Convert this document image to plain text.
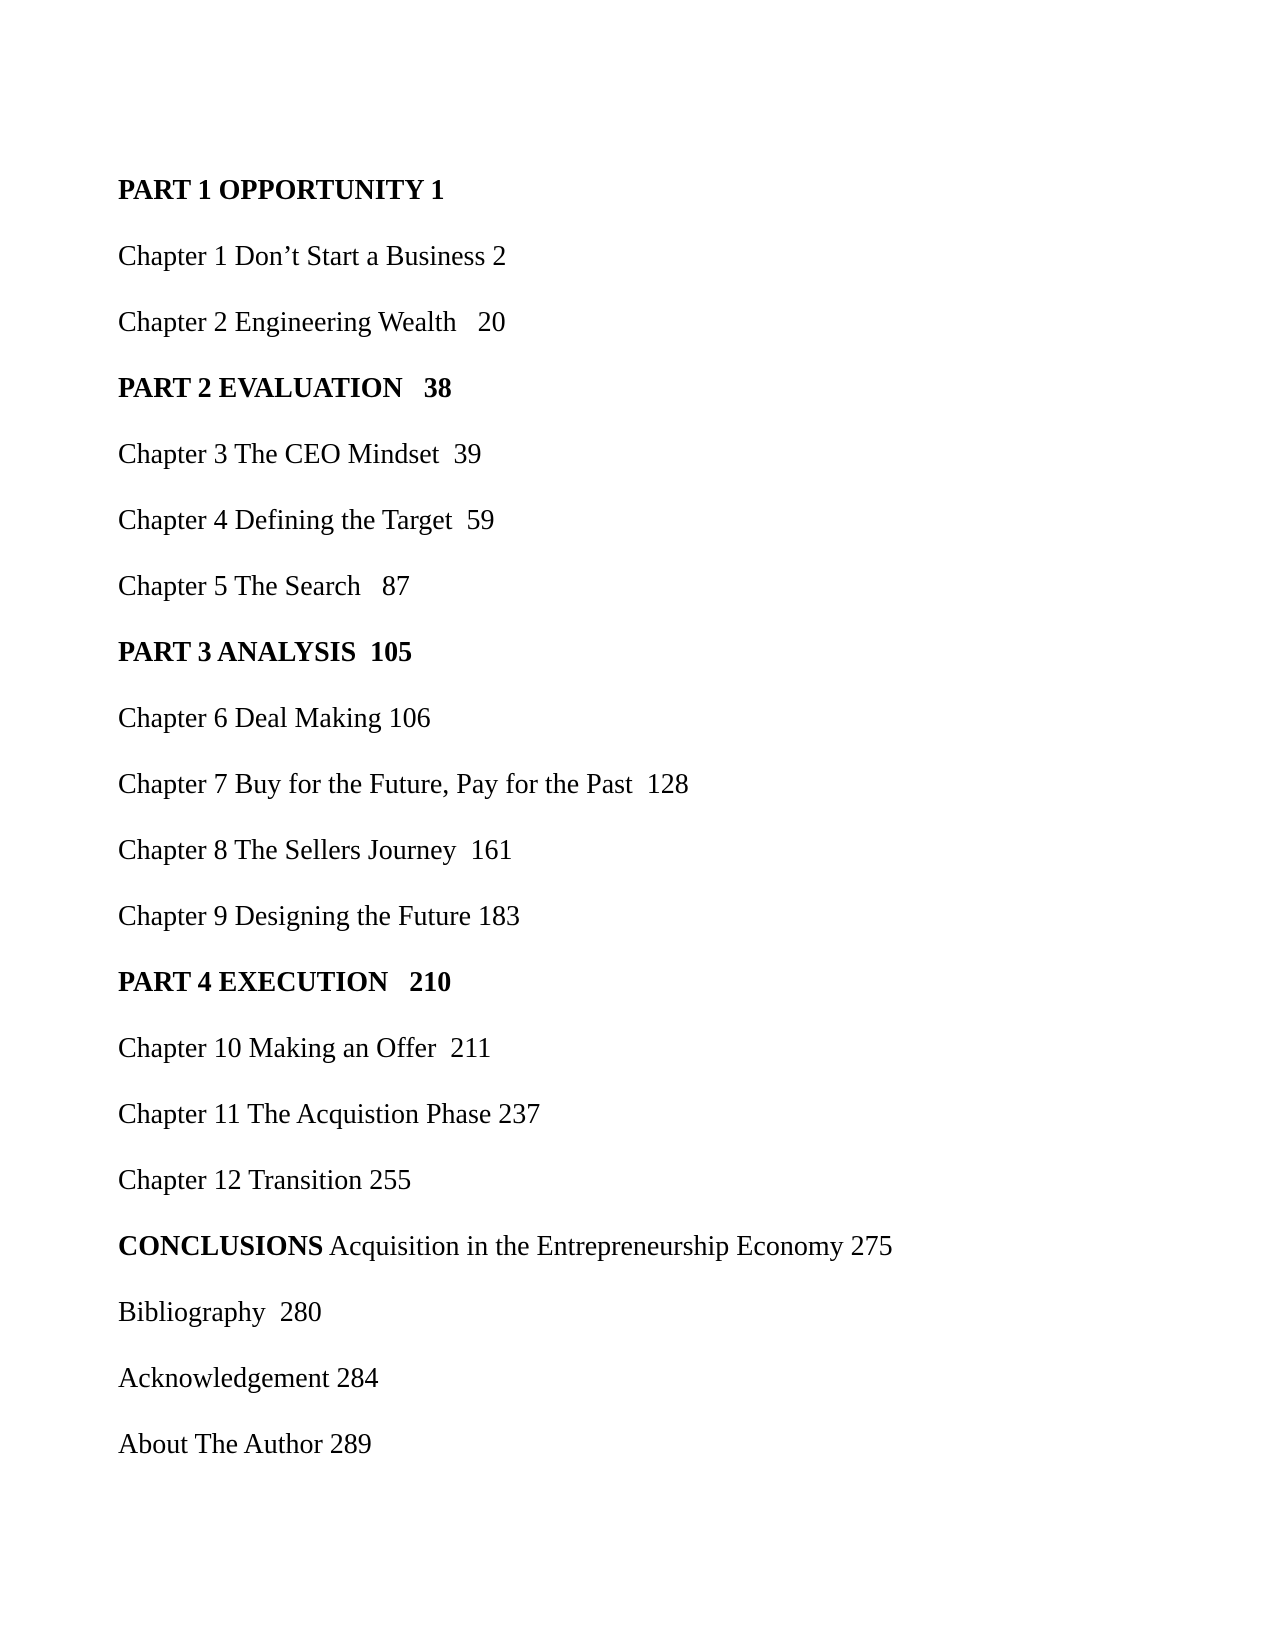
PART 1 OPPORTUNITY 1

Chapter 1 Don’t Start a Business 2

Chapter 2 Engineering Wealth   20

PART 2 EVALUATION   38

Chapter 3 The CEO Mindset  39

Chapter 4 Defining the Target  59

Chapter 5 The Search   87

PART 3 ANALYSIS  105

Chapter 6 Deal Making 106

Chapter 7 Buy for the Future, Pay for the Past  128

Chapter 8 The Sellers Journey  161

Chapter 9 Designing the Future 183

PART 4 EXECUTION   210

Chapter 10 Making an Offer  211

Chapter 11 The Acquistion Phase 237

Chapter 12 Transition 255

CONCLUSIONS Acquisition in the Entrepreneurship Economy 275

Bibliography  280

Acknowledgement 284

About The Author 289
